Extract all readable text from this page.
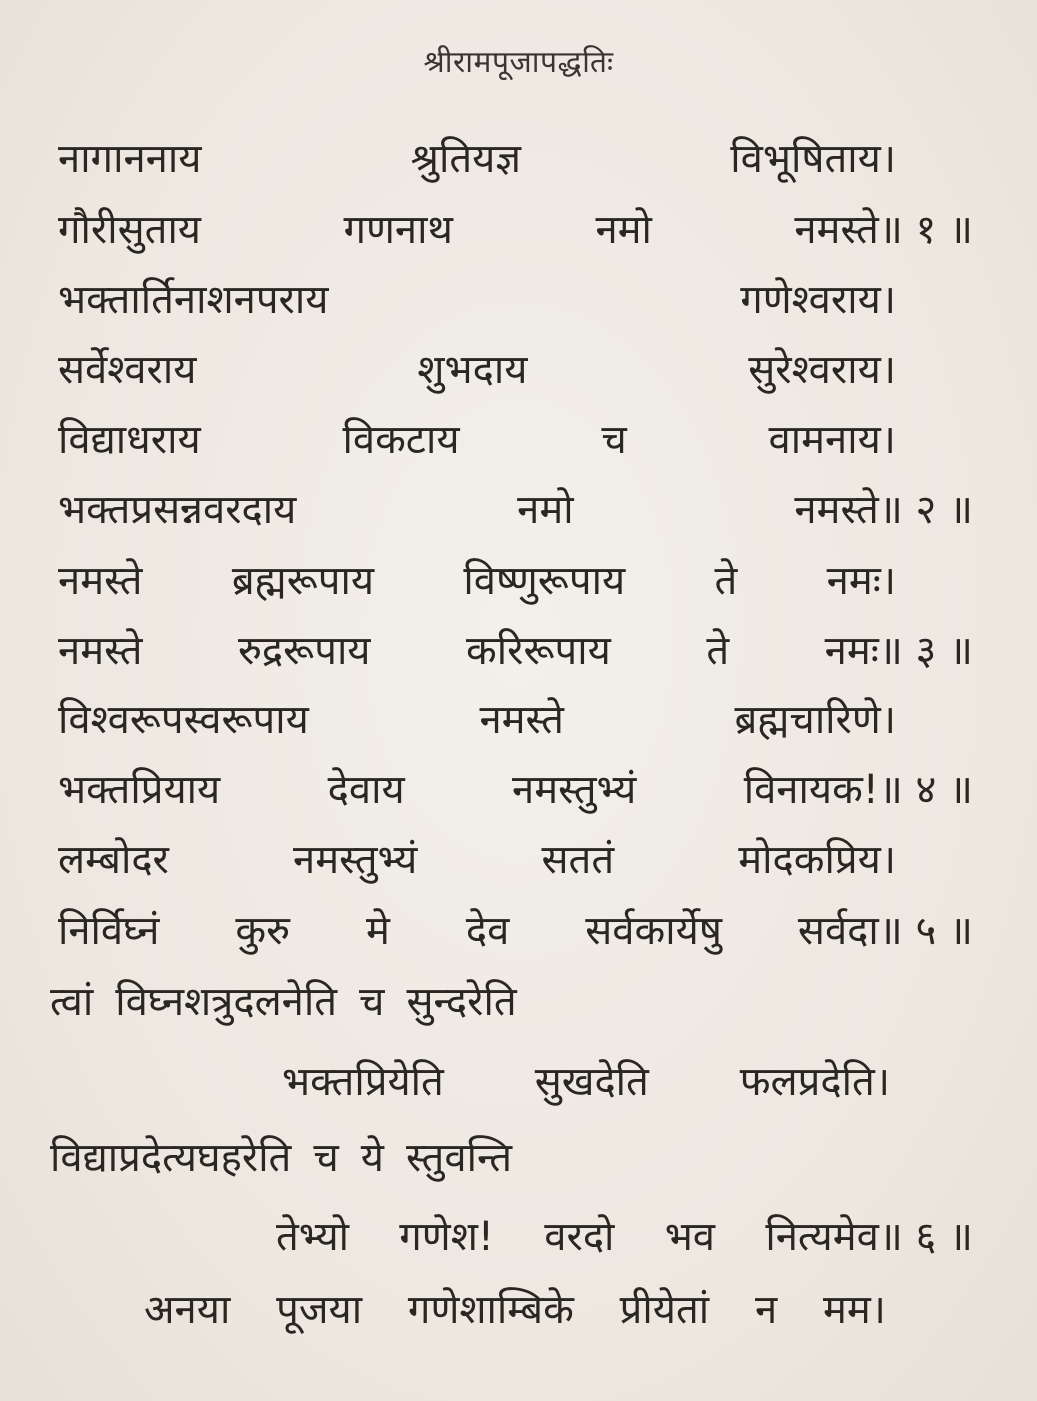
श्रीरामपूजापद्धतिः
नागाननाय	श्रुतियज्ञ	विभूषिताय।
गौरीसुताय	गणनाथ	नमो	नमस्ते॥ १ ॥
भक्तार्तिनाशनपराय	गणेश्वराय।
सर्वेश्वराय	शुभदाय	सुरेश्वराय।
विद्याधराय	विकटाय	च	वामनाय।
भक्तप्रसन्नवरदाय	नमो	नमस्ते॥ २ ॥
नमस्ते ब्रह्मरूपाय विष्णुरूपाय ते नमः।
नमस्ते रुद्ररूपाय करिरूपाय ते नमः॥ ३ ॥
विश्वरूपस्वरूपाय	नमस्ते	ब्रह्मचारिणे।
भक्तप्रियाय	देवाय	नमस्तुभ्यं	विनायक!॥ ४ ॥
लम्बोदर	नमस्तुभ्यं	सततं	मोदकप्रिय।
निर्विघ्नं कुरु मे देव सर्वकार्येषु सर्वदा॥ ५ ॥
त्वां विघ्नशत्रुदलनेति च सुन्दरेति
भक्तप्रियेति सुखदेति फलप्रदेति।
विद्याप्रदेत्यघहरेति च ये स्तुवन्ति
तेभ्यो गणेश! वरदो भव नित्यमेव॥ ६ ॥
अनया पूजया गणेशाम्बिके प्रीयेतां न मम।
